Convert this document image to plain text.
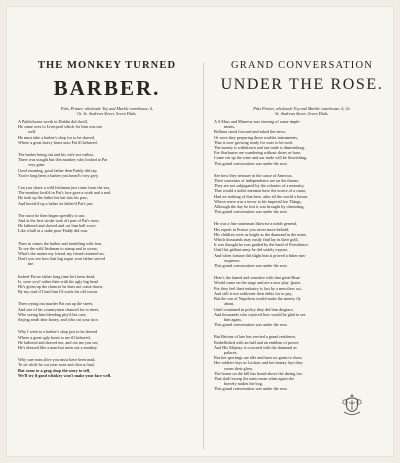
THE MONKEY TURNED
BARBER.
Pitts, Printer, wholesale Toy and Marble warehouse, 6,
Gt. St. Andrews Street, Seven Dials.
A Publichouse worth in Dublin did dwell,
He came over to Liverpool which for him was not
well.
He must take a barber's shop for to be shaved,
Where a great heavy beast unto Pat ill behaved.
The barber being out and his wife not within,
There was nought but this monkey who looked at Pat
very grim.
Good morning, good father then Paddy did say,
You're long been a barber you heard's very grey.
Can you shave a wild Irishman just come from the sea,
The monkey look'd in Pat's face gave a wink and a nod.
He took up the lather his hat into his paw,
And knock'd up a lather on lather'd Pat's jaw.
The razor he then began speedily to use,
And at the first stroke took off part of Pat's nose,
He lathered and shaved and cut him half score,
Like a bull at a stake poor Paddy did roar.
Then in comes the barber and trembling with fear,
To see the wild Irishman to stamp and to swear,
What's the matter my friend, my friend returned no,
Don't you see how that big rogue your father served
me.
Indeed Pat no father long time he's been dead,
Is, were you? rather then with his ugly big head
He's given up the chances he does not come down,
By my soul if I had him I'd crack his old crown.
Then crying out murder Pat ran up the street,
And one of his countrymen chanced for to meet,
Who seeing him bleeding pity'd his case,
Saying arrah dear honey, and who cut your face.
Why I went to a barber's shop just to be shaved
Where a great ugly beast to me ill behaved,
He lathered and shaved me, and cut me you see,
He's dressed like a man but turns out a monkey.
Why sure man alive you must have been mad,
To sit while he cut your nose and chin so bad,
But come to a grog shop the story to tell,
We'll try if good whiskey won't make your face well.
GRAND CONVERSATION
UNDER THE ROSE.
Pitts Printer, wholesale Toy and Marble warehouse, 6, Gt.
St. Andrews Street, Seven Dials.
A S Mars and Minerva was viewing of some imple-
ments,
Bellona stood forward and asked the news,
Or were they preparing those warlike instruments,
That is now growing ready for wars to be used,
The money is withdrawn and our trade is diminishing,
For Starbuster are wandering without shoes or hose,
Come stir up the wine and our trade will be flourishing.
This grand conversation was under the rose.
See how they treasure in the cause of America,
Their souvenirs of independence are on the throne,
They are not subjugated by the colonies of a minority,
That would a noble mention have the notice of a cause,
Had we nothing of that here, after all the world a lesson.
Whose sense was a terror to his imperial foe Things,
Although the day he lost it was brought by clamoring,
This grand conversation was under the rose.
He was a fine statesman likewise a noble general,
His equals in France you never more behold,
His children were as bright as the diamond in the mine,
Which thousands may easily find lay in their gold,
It was thought he was guided by the hand of Providence.
Until his gallant army he did widely expose,
And when fortune did slight him it proved a bitter mis-
sequence.
This grand conversation was under the rose.
Here's the famed and sensitive with that great Brua-
Would come on the stage and are a new play ,[parts.
For they feel their industry is lost by a merciless act,
And still is not sufficient their debts for to pay,
But the son of Napoleon would make the money fly
about,
Until contained in policy they did him disgrace,
And thousands who rejoiced how would be glad to see
him again,
This grand conversation was under the rose.
But Britons of late has erected a grand residence,
Embellished with an hall and an emblem of power,
And His Majesty is crowned with the diamond as
palaces,
But her sportings are idle and have no gains to show,
Her soldiers lays in Lochaw and her beauty lays they
wears their glory,
The house on the hill has heard above the daring foe,
That shall sweep the man ocean when again she
bravely makes the bog,
This grand conversation was under the rose.
